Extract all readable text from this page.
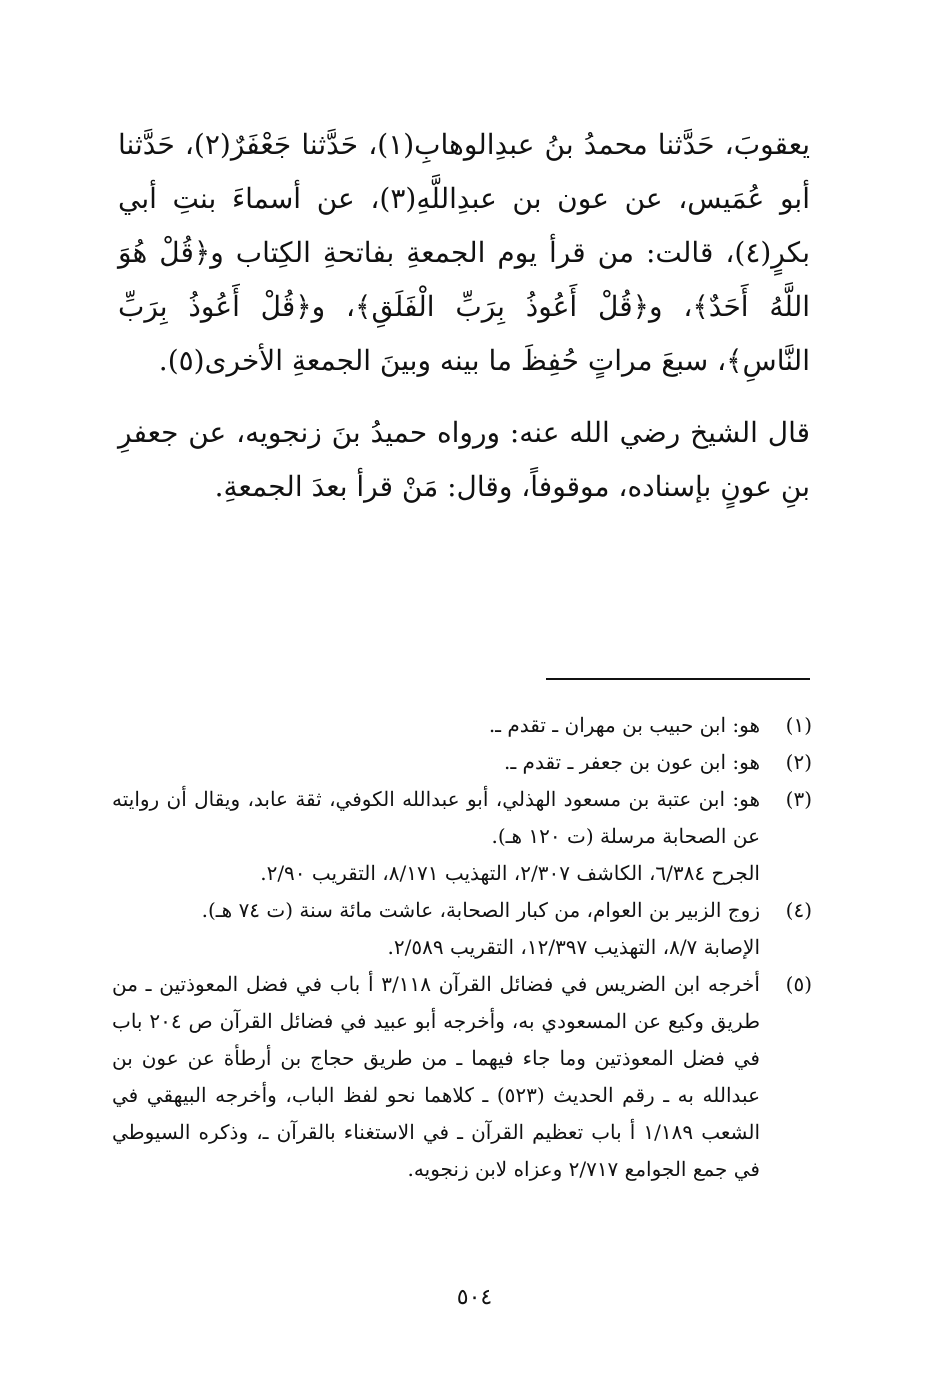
يعقوبَ، حَدَّثنا محمدُ بنُ عبدِالوهابِ(١)، حَدَّثنا جَعْفَرٌ(٢)، حَدَّثنا أبو عُمَيس، عن عون بن عبدِاللَّهِ(٣)، عن أسماءَ بنتِ أبي بكرٍ(٤)، قالت: من قرأ يوم الجمعةِ بفاتحةِ الكِتاب و﴿قُلْ هُوَ اللَّهُ أَحَدٌ﴾، و﴿قُلْ أَعُوذُ بِرَبِّ الْفَلَقِ﴾، و﴿قُلْ أَعُوذُ بِرَبِّ النَّاسِ﴾، سبعَ مراتٍ حُفِظَ ما بينه وبينَ الجمعةِ الأخرى(٥).

قال الشيخ رضي الله عنه: ورواه حميدُ بنَ زنجويه، عن جعفرِ بنِ عونٍ بإسناده، موقوفاً، وقال: مَنْ قرأ بعدَ الجمعةِ.

(١)
هو: ابن حبيب بن مهران ـ تقدم ـ.
(٢)
هو: ابن عون بن جعفر ـ تقدم ـ.
(٣)
هو: ابن عتبة بن مسعود الهذلي، أبو عبدالله الكوفي، ثقة عابد، ويقال أن روايته عن الصحابة مرسلة (ت ١٢٠ هـ).
الجرح ٦/٣٨٤، الكاشف ٢/٣٠٧، التهذيب ٨/١٧١، التقريب ٢/٩٠.
(٤)
زوج الزبير بن العوام، من كبار الصحابة، عاشت مائة سنة (ت ٧٤ هـ).
الإصابة ٨/٧، التهذيب ١٢/٣٩٧، التقريب ٢/٥٨٩.
(٥)
أخرجه ابن الضريس في فضائل القرآن ٣/١١٨ أ باب في فضل المعوذتين ـ من طريق وكيع عن المسعودي به، وأخرجه أبو عبيد في فضائل القرآن ص ٢٠٤ باب في فضل المعوذتين وما جاء فيهما ـ من طريق حجاج بن أرطأة عن عون بن عبدالله به ـ رقم الحديث (٥٢٣) ـ كلاهما نحو لفظ الباب، وأخرجه البيهقي في الشعب ١/١٨٩ أ باب تعظيم القرآن ـ في الاستغناء بالقرآن ـ، وذكره السيوطي في جمع الجوامع ٢/٧١٧ وعزاه لابن زنجويه.
٥٠٤
